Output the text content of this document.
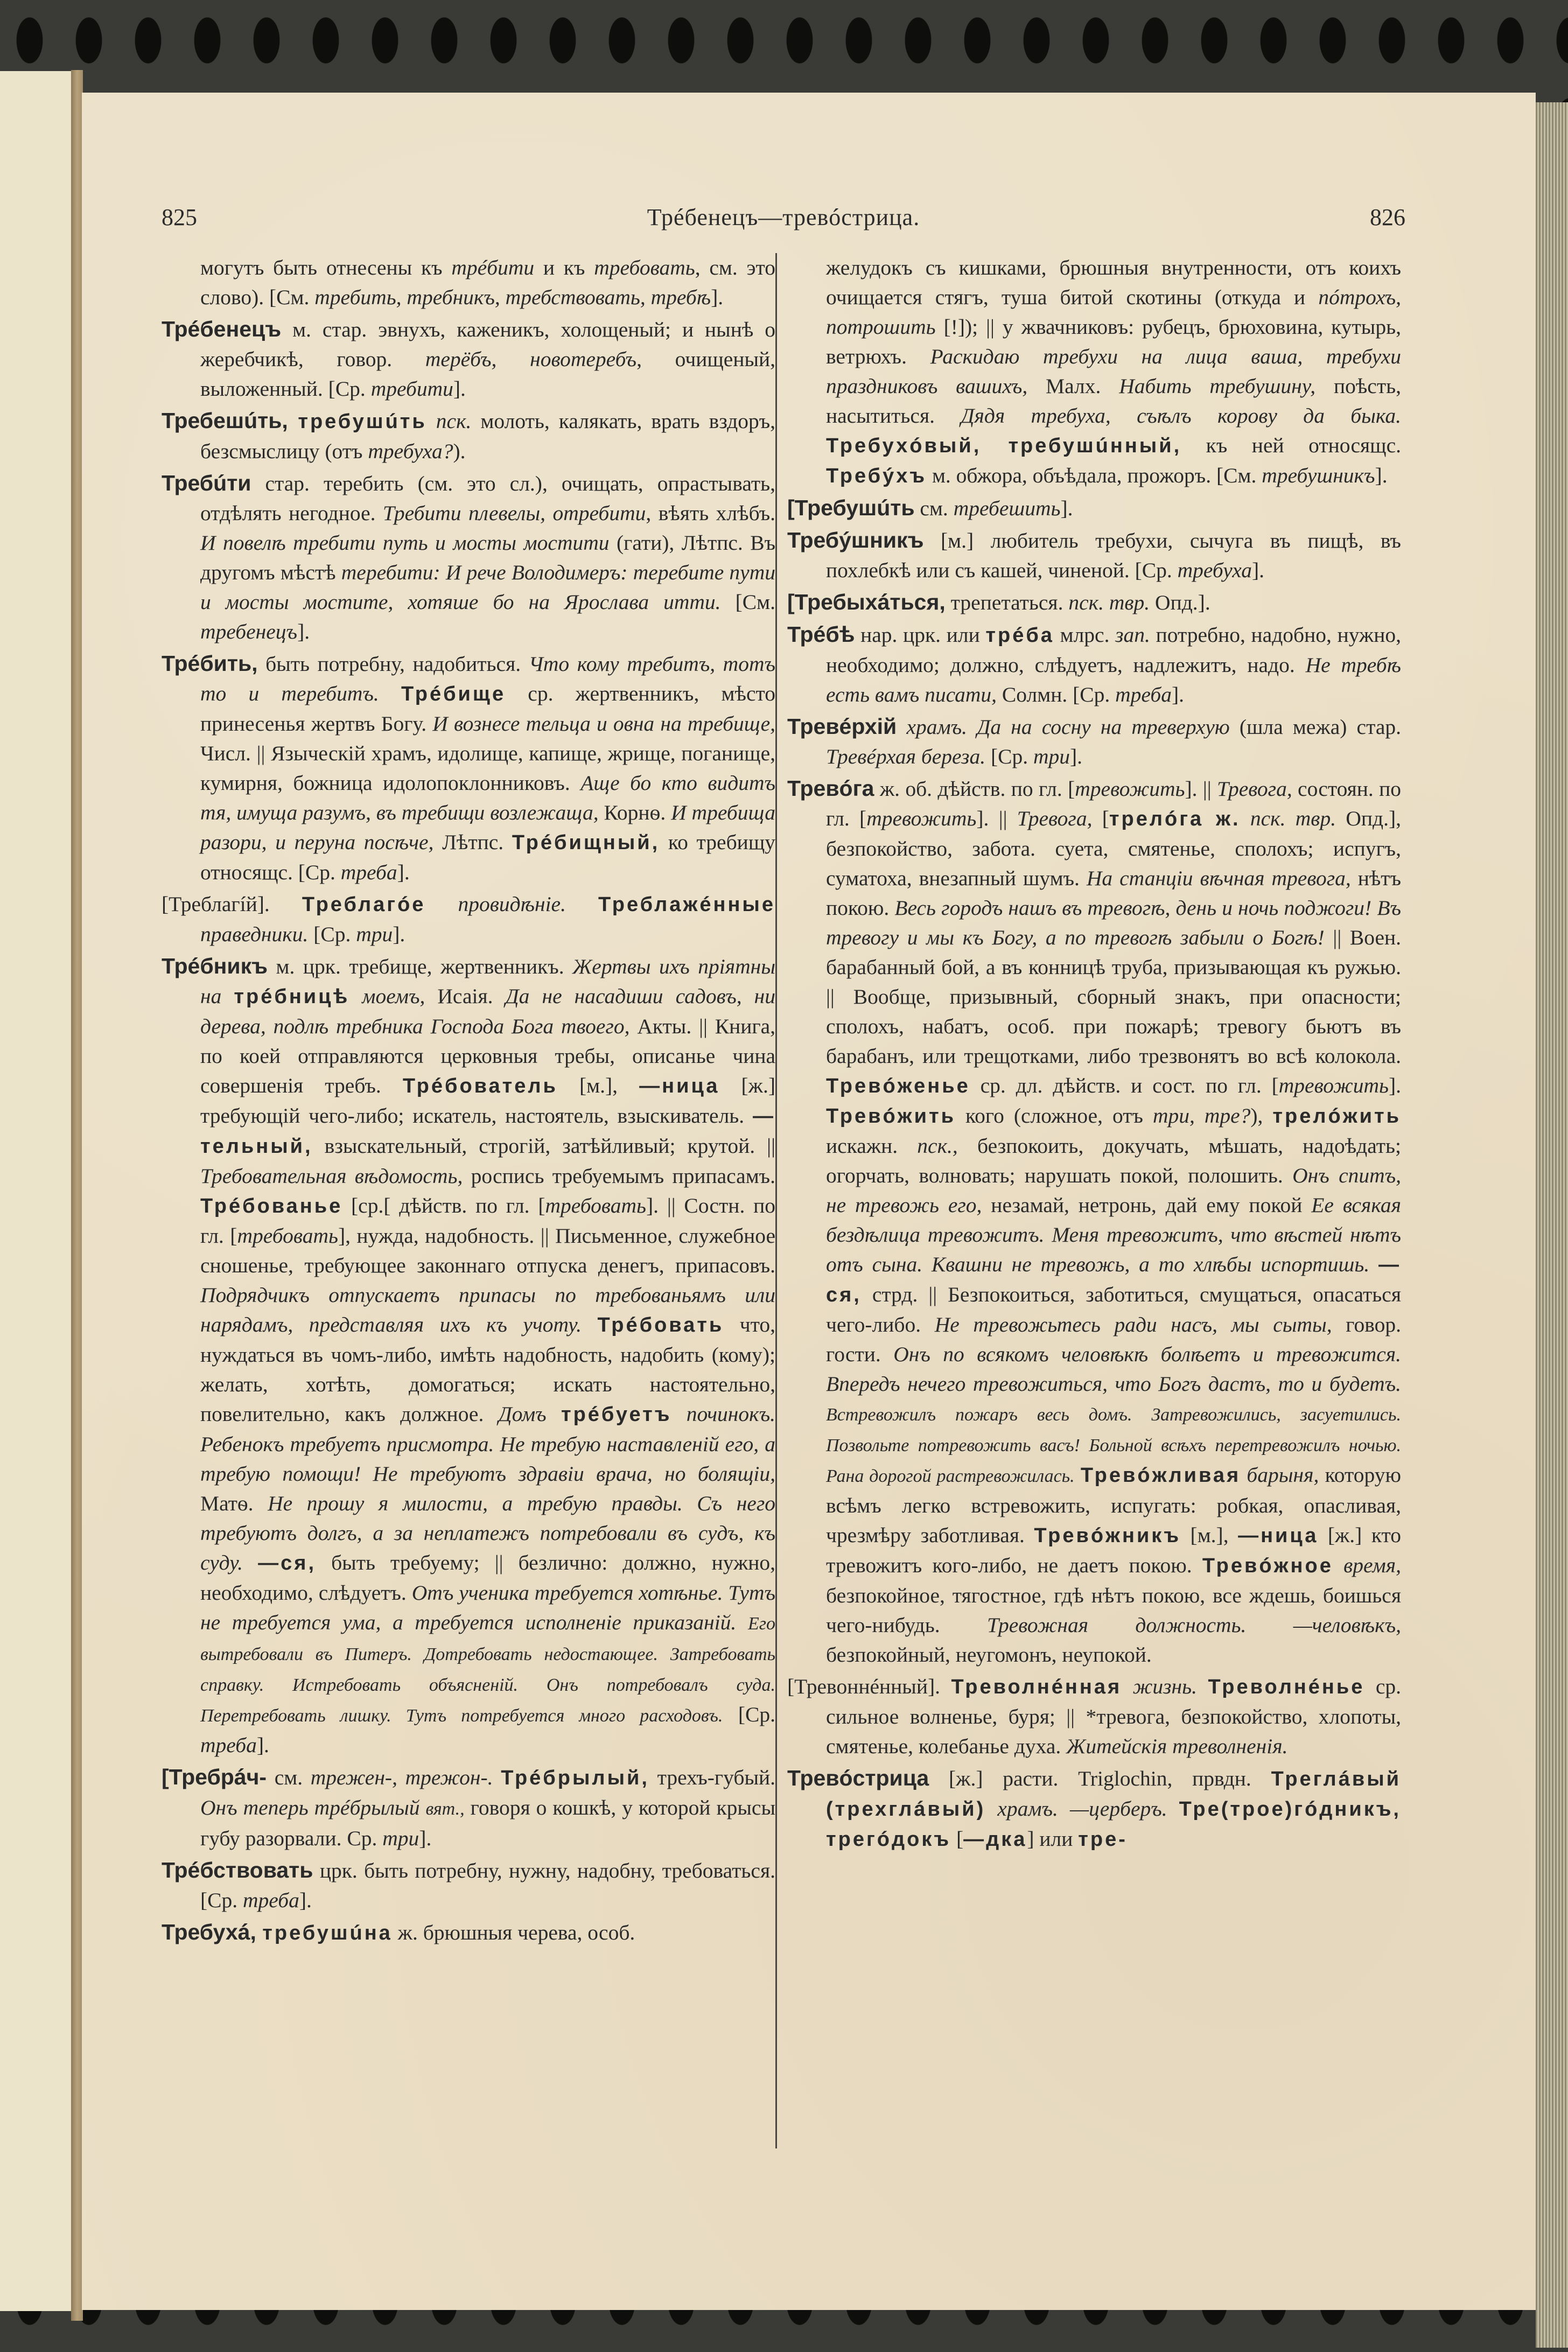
825	Трéбенецъ—тревóстрица.	826

могутъ быть отнесены къ трéбити и къ требовать, см. это слово). [См. требить, требникъ, требствовать, требѣ].

Трéбенецъ м. стар. эвнухъ, каженикъ, холощеный; и нынѣ о жеребчикѣ, говор. терёбъ, новотеребъ, очищеный, выложенный. [Ср. требити].

Требешúть, требушúть пск. молоть, калякать, врать вздоръ, безсмыслицу (отъ требуха?).

Требúти стар. теребить (см. это сл.), очищать, опрастывать, отдѣлять негодное. Требити плевелы, отребити, вѣять хлѣбъ. И повелѣ требити путь и мосты мостити (гати), Лѣтпс. Въ другомъ мѣстѣ теребити: И рече Володимеръ: теребите пути и мосты мостите, хотяше бо на Ярослава итти. [См. требенецъ].

Трéбить, быть потребну, надобиться. Что кому требитъ, тотъ то и теребитъ. Трéбище ср. жертвенникъ, мѣсто принесенья жертвъ Богу. И вознесе тельца и овна на требище, Числ. || Языческій храмъ, идолище, капище, жрище, поганище, кумирня, божница идолопоклонниковъ. Аще бо кто видитъ тя, имуща разумъ, въ требищи возлежаща, Корнѳ. И требища разори, и перуна посѣче, Лѣтпс. Трéбищный, ко требищу относящс. [Ср. треба].

[Треблагíй]. Треблагóе провидѣніе. Треблажéнные праведники. [Ср. три].

Трéбникъ м. црк. требище, жертвенникъ. Жертвы ихъ пріятны на трéбницѣ моемъ, Исаія. Да не насадиши садовъ, ни дерева, подлѣ требника Господа Бога твоего, Акты. || Книга, по коей отправляются церковныя требы, описанье чина совершенія требъ. Трéбователь [м.], —ница [ж.] требующій чего-либо; искатель, настоятель, взыскиватель. —тельный, взыскательный, строгій, затѣйливый; крутой. || Требовательная вѣдомость, роспись требуемымъ припасамъ. Трéбованье [ср.[ дѣйств. по гл. [требовать]. || Состн. по гл. [требовать], нужда, надобность. || Письменное, служебное сношенье, требующее законнаго отпуска денегъ, припасовъ. Подрядчикъ отпускаетъ припасы по требованьямъ или нарядамъ, представляя ихъ къ учоту. Трéбовать что, нуждаться въ чомъ-либо, имѣть надобность, надобить (кому); желать, хотѣть, домогаться; искать настоятельно, повелительно, какъ должное. Домъ трéбуетъ починокъ. Ребенокъ требуетъ присмотра. Не требую наставленій его, а требую помощи! Не требуютъ здравіи врача, но болящіи, Матѳ. Не прошу я милости, а требую правды. Съ него требуютъ долгъ, а за неплатежъ потребовали въ судъ, къ суду. —ся, быть требуему; || безлично: должно, нужно, необходимо, слѣдуетъ. Отъ ученика требуется хотѣнье. Тутъ не требуется ума, а требуется исполненіе приказаній. Его вытребовали въ Питеръ. Дотребовать недостающее. Затребовать справку. Истребовать объясненій. Онъ потребовалъ суда. Перетребовать лишку. Тутъ потребуется много расходовъ. [Ср. треба].

[Требрáч- см. трежен-, трежон-. Трéбрылый, трехъ-губый. Онъ теперь трéбрылый вят., говоря о кошкѣ, у которой крысы губу разорвали. Ср. три].

Трéбствовать црк. быть потребну, нужну, надобну, требоваться. [Ср. треба].

Требухá, требушúна ж. брюшныя черева, особ.

желудокъ съ кишками, брюшныя внутренности, отъ коихъ очищается стягъ, туша битой скотины (откуда и пóтрохъ, потрошить [!]); || у жвачниковъ: рубецъ, брюховина, кутырь, ветрюхъ. Раскидаю требухи на лица ваша, требухи праздниковъ вашихъ, Малх. Набить требушину, поѣсть, насытиться. Дядя требуха, съѣлъ корову да быка. Требухóвый, требушúнный, къ ней относящс. Требýхъ м. обжора, объѣдала, прожоръ. [См. требушникъ].

[Требушúть см. требешить].

Требýшникъ [м.] любитель требухи, сычуга въ пищѣ, въ похлебкѣ или съ кашей, чиненой. [Ср. требуха].

[Требыхáться, трепетаться. пск. твр. Опд.].

Трéбѣ нар. црк. или трéба млрс. зап. потребно, надобно, нужно, необходимо; должно, слѣдуетъ, надлежитъ, надо. Не требѣ есть вамъ писати, Солмн. [Ср. треба].

Тревéрхій храмъ. Да на сосну на треверхую (шла межа) стар. Тревéрхая береза. [Ср. три].

Тревóга ж. об. дѣйств. по гл. [тревожить]. || Тревога, состоян. по гл. [тревожить]. || Тревога, [трелóга ж. пск. твр. Опд.], безпокойство, забота. суета, смятенье, сполохъ; испугъ, суматоха, внезапный шумъ. На станціи вѣчная тревога, нѣтъ покою. Весь городъ нашъ въ тревогѣ, день и ночь поджоги! Въ тревогу и мы къ Богу, а по тревогѣ забыли о Богѣ! || Воен. барабанный бой, а въ конницѣ труба, призывающая къ ружью. || Вообще, призывный, сборный знакъ, при опасности; сполохъ, набатъ, особ. при пожарѣ; тревогу бьютъ въ барабанъ, или трещотками, либо трезвонятъ во всѣ колокола. Тревóженье ср. дл. дѣйств. и сост. по гл. [тревожить]. Тревóжить кого (сложное, отъ три, тре?), трелóжить искажн. пск., безпокоить, докучать, мѣшать, надоѣдать; огорчать, волновать; нарушать покой, полошить. Онъ спитъ, не тревожь его, незамай, нетронь, дай ему покой Ее всякая бездѣлица тревожитъ. Меня тревожитъ, что вѣстей нѣтъ отъ сына. Квашни не тревожь, а то хлѣбы испортишь. —ся, стрд. || Безпокоиться, заботиться, смущаться, опасаться чего-либо. Не тревожьтесь ради насъ, мы сыты, говор. гости. Онъ по всякомъ человѣкѣ болѣетъ и тревожится. Впередъ нечего тревожиться, что Богъ дастъ, то и будетъ. Встревожилъ пожаръ весь домъ. Затревожились, засуетились. Позвольте потревожить васъ! Больной всѣхъ перетревожилъ ночью. Рана дорогой растревожилась. Тревóжливая барыня, которую всѣмъ легко встревожить, испугать: робкая, опасливая, чрезмѣру заботливая. Тревóжникъ [м.], —ница [ж.] кто тревожитъ кого-либо, не даетъ покою. Тревóжное время, безпокойное, тягостное, гдѣ нѣтъ покою, все ждешь, боишься чего-нибудь. Тревожная должность. —человѣкъ, безпокойный, неугомонъ, неупокой.

[Тревоннéнный]. Треволнéнная жизнь. Треволнéнье ср. сильное волненье, буря; || *тревога, безпокойство, хлопоты, смятенье, колебанье духа. Житейскія треволненія.

Тревóстрица [ж.] расти. Triglochin, првдн. Треглáвый (трехглáвый) храмъ. —церберъ. Тре(трое)гóдникъ, трегóдокъ [—дка] или тре-
